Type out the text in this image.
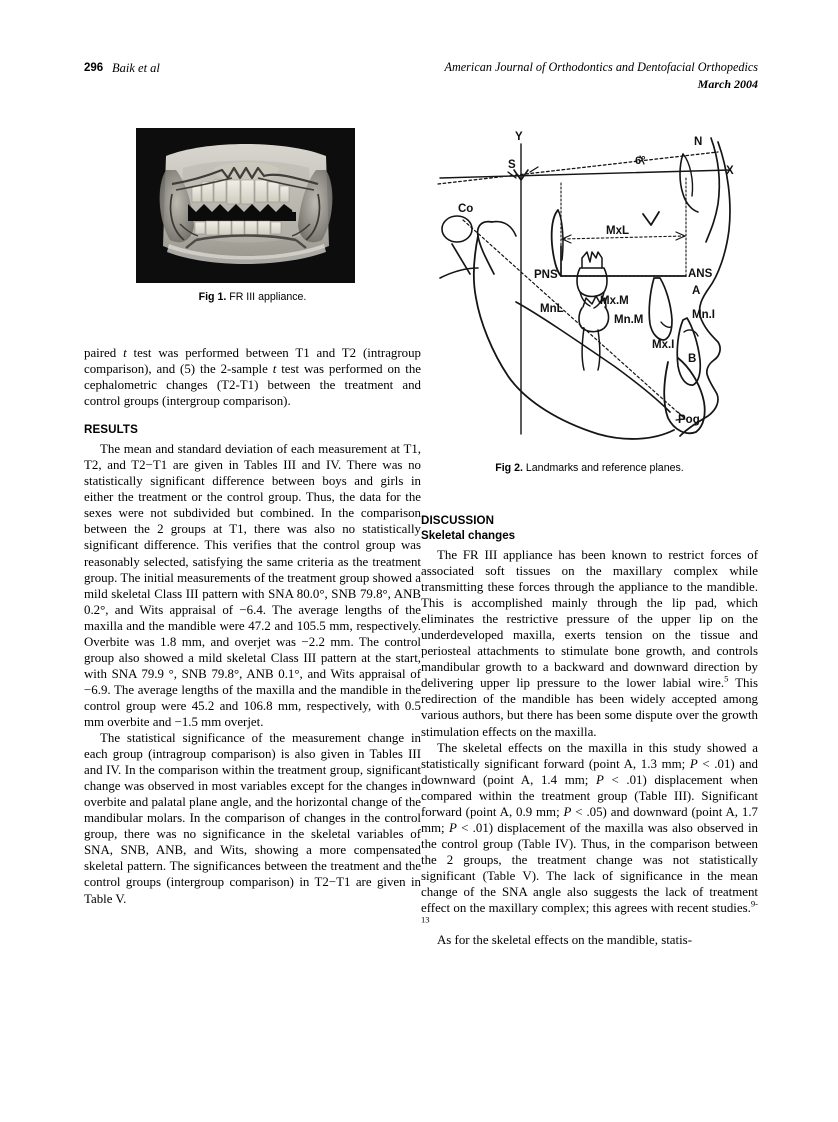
296 Baik et al	American Journal of Orthodontics and Dentofacial Orthopedics
March 2004
Fig 1. FR III appliance.

paired t test was performed between T1 and T2 (intragroup comparison), and (5) the 2-sample t test was performed on the cephalometric changes (T2-T1) between the treatment and control groups (intergroup comparison).

RESULTS

The mean and standard deviation of each measurement at T1, T2, and T2−T1 are given in Tables III and IV. There was no statistically significant difference between boys and girls in either the treatment or the control group. Thus, the data for the sexes were not subdivided but combined. In the comparison between the 2 groups at T1, there was also no statistically significant difference. This verifies that the control group was reasonably selected, satisfying the same criteria as the treatment group. The initial measurements of the treatment group showed a mild skeletal Class III pattern with SNA 80.0°, SNB 79.8°, ANB 0.2°, and Wits appraisal of −6.4. The average lengths of the maxilla and the mandible were 47.2 and 105.5 mm, respectively. Overbite was 1.8 mm, and overjet was −2.2 mm. The control group also showed a mild skeletal Class III pattern at the start, with SNA 79.9 °, SNB 79.8°, ANB 0.1°, and Wits appraisal of −6.9. The average lengths of the maxilla and the mandible in the control group were 45.2 and 106.8 mm, respectively, with 0.5 mm overbite and −1.5 mm overjet.

The statistical significance of the measurement change in each group (intragroup comparison) is also given in Tables III and IV. In the comparison within the treatment group, significant change was observed in most variables except for the changes in overbite and palatal plane angle, and the horizontal change of the mandibular molars. In the comparison of changes in the control group, there was no significance in the skeletal variables of SNA, SNB, ANB, and Wits, showing a more compensated skeletal pattern. The significances between the treatment and the control groups (intergroup comparison) in T2−T1 are given in Table V.

Y
X
S
N
Co
6°
MxL
PNS	ANS
A
MnL
Mx.M
Mn.M
Mx.I
Mn.I
B
Pog
Fig 2. Landmarks and reference planes.

DISCUSSION

Skeletal changes

The FR III appliance has been known to restrict forces of associated soft tissues on the maxillary complex while transmitting these forces through the appliance to the mandible. This is accomplished mainly through the lip pad, which eliminates the restrictive pressure of the upper lip on the underdeveloped maxilla, exerts tension on the tissue and periosteal attachments to stimulate bone growth, and controls mandibular growth to a backward and downward direction by delivering upper lip pressure to the lower labial wire.$^5$ This redirection of the mandible has been widely accepted among various authors, but there has been some dispute over the growth stimulation effects on the maxilla.

The skeletal effects on the maxilla in this study showed a statistically significant forward (point A, 1.3 mm; P < .01) and downward (point A, 1.4 mm; P < .01) displacement when compared within the treatment group (Table III). Significant forward (point A, 0.9 mm; P < .05) and downward (point A, 1.7 mm; P < .01) displacement of the maxilla was also observed in the control group (Table IV). Thus, in the comparison between the 2 groups, the treatment change was not statistically significant (Table V). The lack of significance in the mean change of the SNA angle also suggests the lack of treatment effect on the maxillary complex; this agrees with recent studies.$^{9-13}$

As for the skeletal effects on the mandible, statis-
